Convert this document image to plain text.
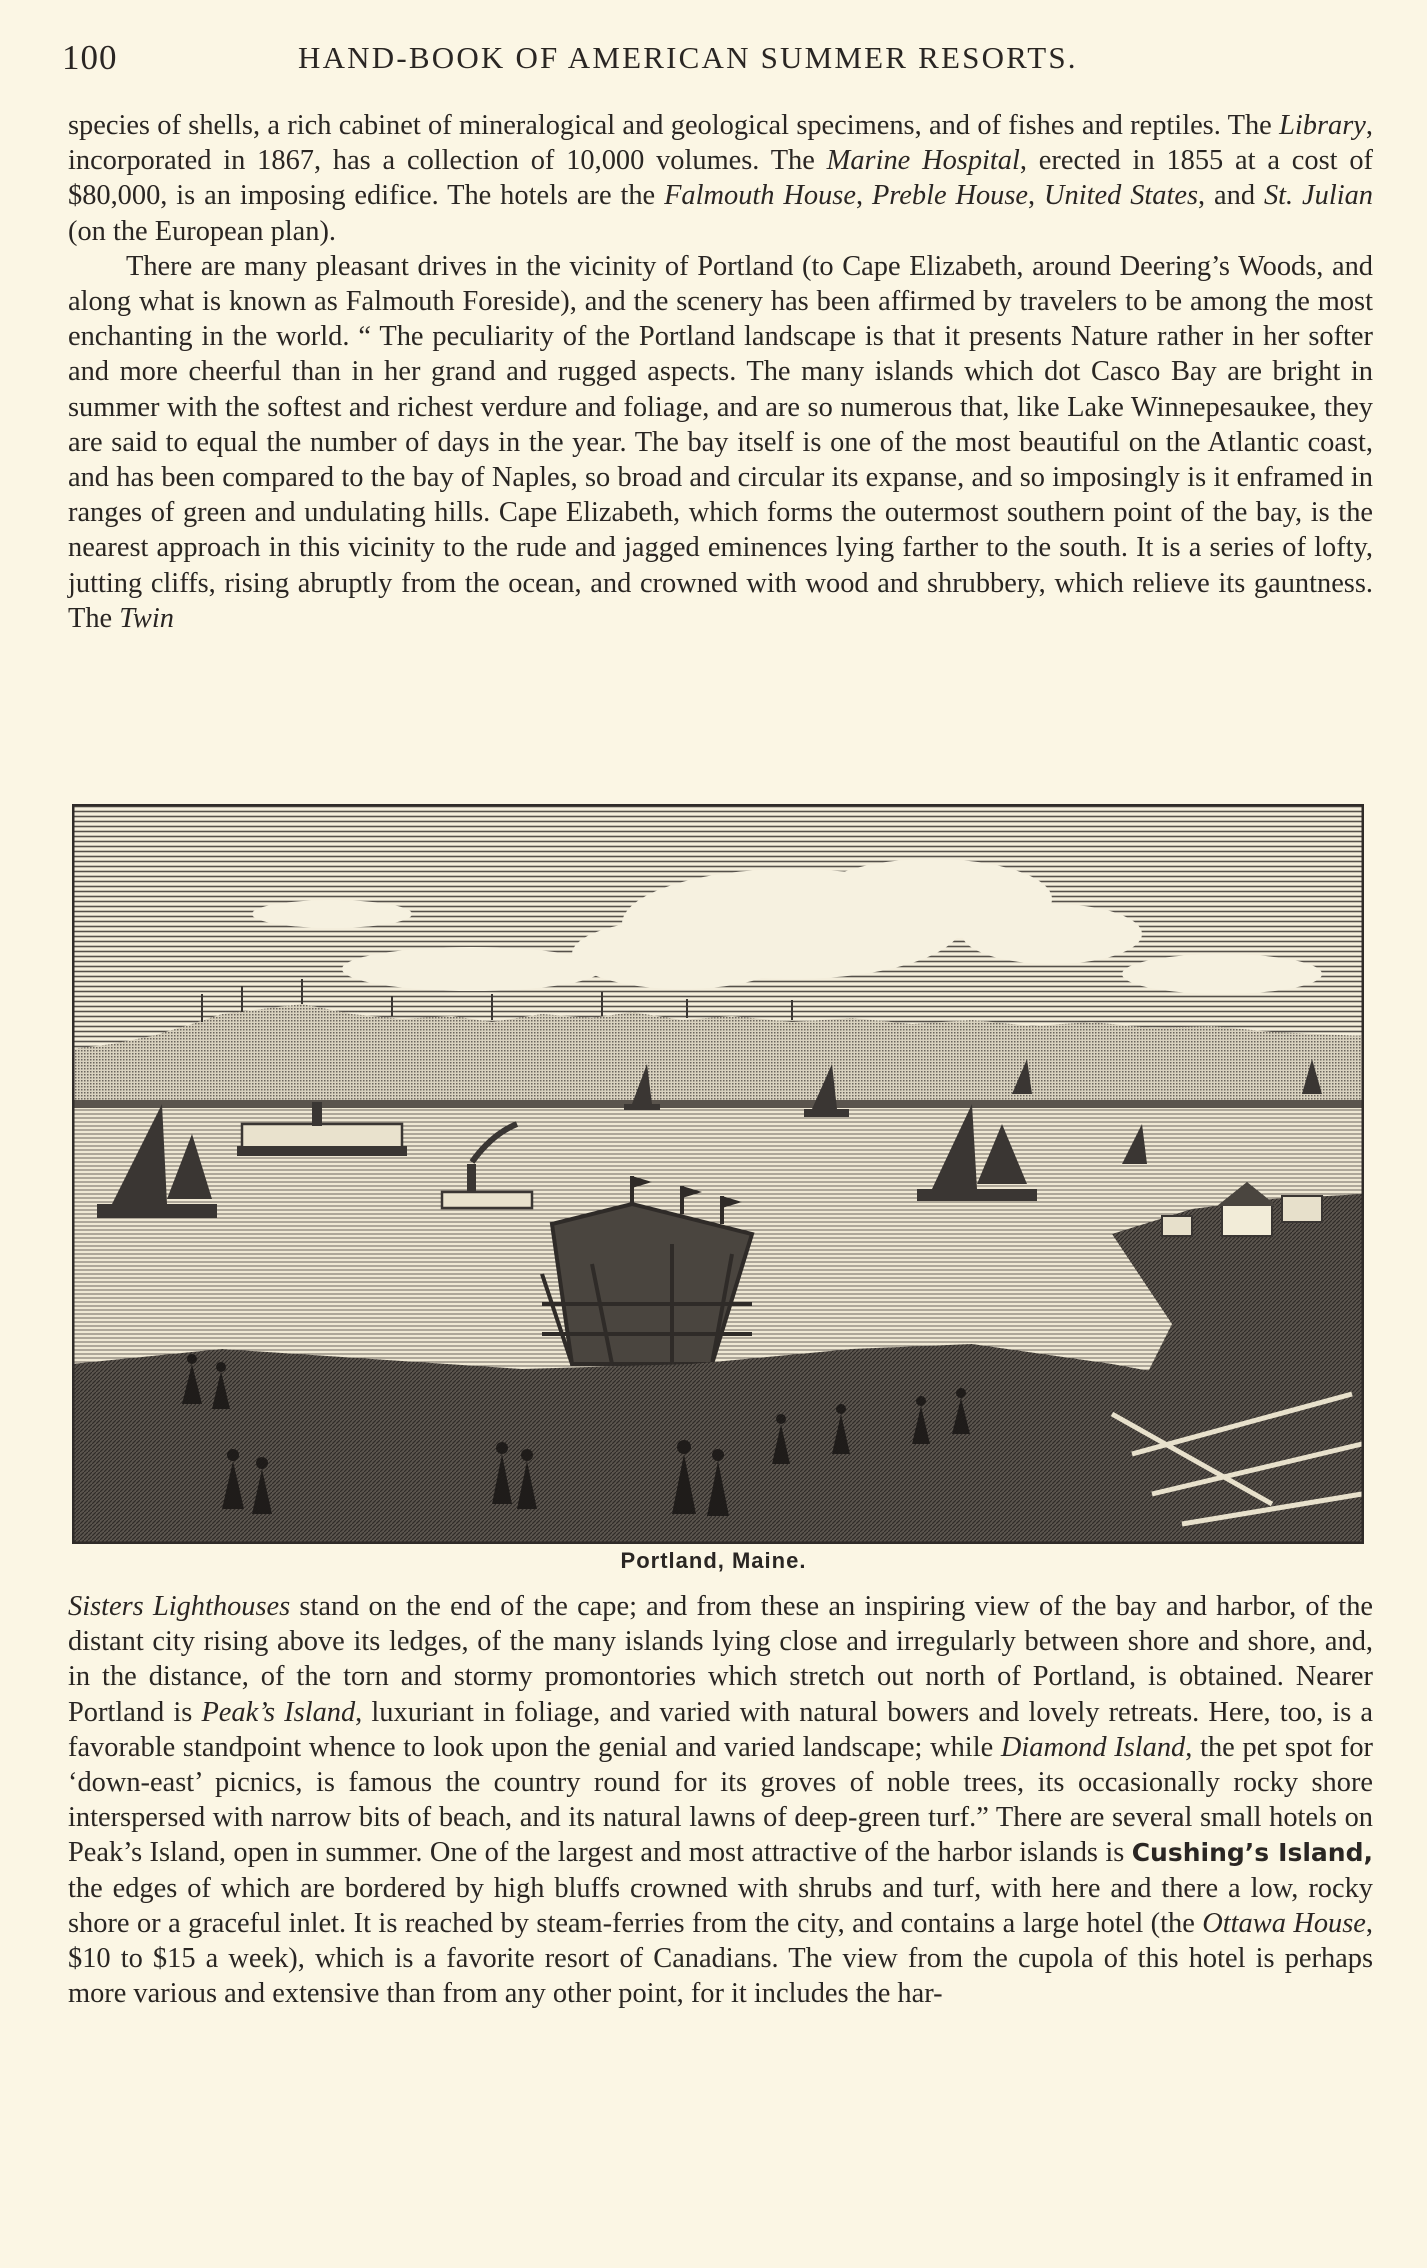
100	HAND-BOOK OF AMERICAN SUMMER RESORTS.

species of shells, a rich cabinet of mineralogical and geological specimens, and of fishes and reptiles. The Library, incorporated in 1867, has a collection of 10,000 volumes. The Marine Hospital, erected in 1855 at a cost of $80,000, is an imposing edifice. The hotels are the Falmouth House, Preble House, United States, and St. Julian (on the European plan).

There are many pleasant drives in the vicinity of Portland (to Cape Elizabeth, around Deering’s Woods, and along what is known as Falmouth Foreside), and the scenery has been affirmed by travelers to be among the most enchanting in the world. “ The peculiarity of the Portland landscape is that it presents Nature rather in her softer and more cheerful than in her grand and rugged aspects. The many islands which dot Casco Bay are bright in summer with the softest and richest verdure and foliage, and are so numerous that, like Lake Winnepesaukee, they are said to equal the number of days in the year. The bay itself is one of the most beautiful on the Atlantic coast, and has been compared to the bay of Naples, so broad and circular its expanse, and so imposingly is it enframed in ranges of green and undulating hills. Cape Elizabeth, which forms the outermost southern point of the bay, is the nearest approach in this vicinity to the rude and jagged eminences lying farther to the south. It is a series of lofty, jutting cliffs, rising abruptly from the ocean, and crowned with wood and shrubbery, which relieve its gauntness. The Twin

Portland, Maine.

Sisters Lighthouses stand on the end of the cape; and from these an inspiring view of the bay and harbor, of the distant city rising above its ledges, of the many islands lying close and irregularly between shore and shore, and, in the distance, of the torn and stormy promontories which stretch out north of Portland, is obtained. Nearer Portland is Peak’s Island, luxuriant in foliage, and varied with natural bowers and lovely retreats. Here, too, is a favorable standpoint whence to look upon the genial and varied landscape; while Diamond Island, the pet spot for ‘down-east’ picnics, is famous the country round for its groves of noble trees, its occasionally rocky shore interspersed with narrow bits of beach, and its natural lawns of deep-green turf.” There are several small hotels on Peak’s Island, open in summer. One of the largest and most attractive of the harbor islands is Cushing’s Island, the edges of which are bordered by high bluffs crowned with shrubs and turf, with here and there a low, rocky shore or a graceful inlet. It is reached by steam-ferries from the city, and contains a large hotel (the Ottawa House, $10 to $15 a week), which is a favorite resort of Canadians. The view from the cupola of this hotel is perhaps more various and extensive than from any other point, for it includes the har-
